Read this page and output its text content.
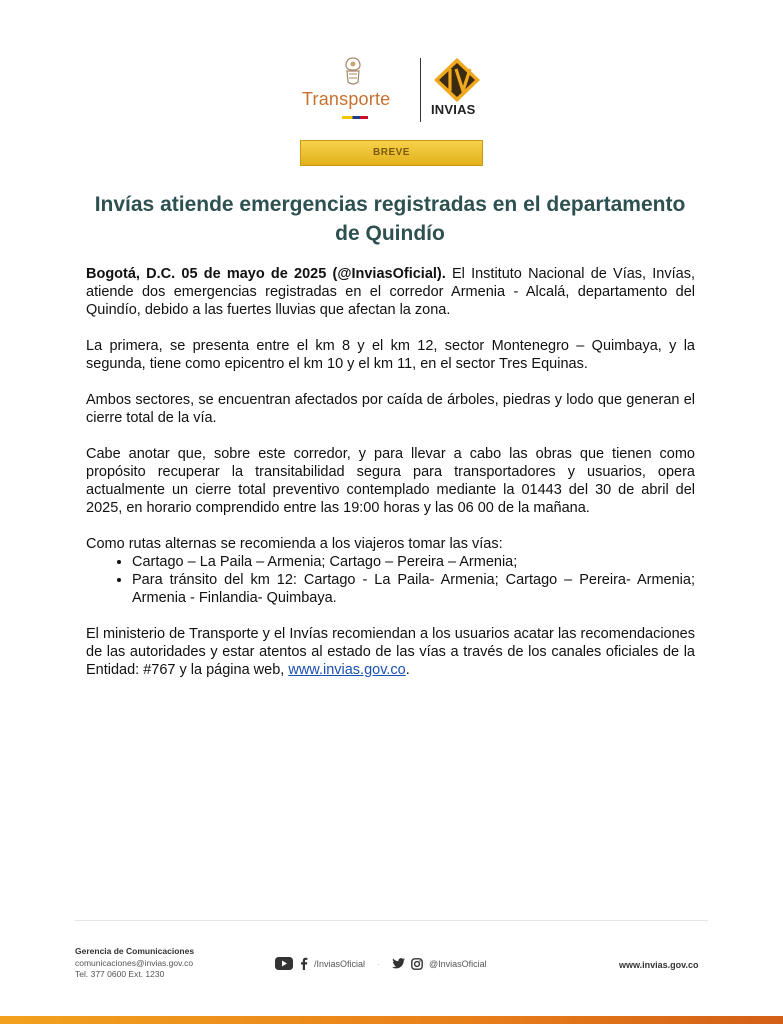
Transporte
INVIAS
BREVE
Invías atiende emergencias registradas en el departamento de Quindío

Bogotá, D.C. 05 de mayo de 2025 (@InviasOficial). El Instituto Nacional de Vías, Invías, atiende dos emergencias registradas en el corredor Armenia - Alcalá, departamento del Quindío, debido a las fuertes lluvias que afectan la zona.

La primera, se presenta entre el km 8 y el km 12, sector Montenegro – Quimbaya, y la segunda, tiene como epicentro el km 10 y el km 11, en el sector Tres Equinas.

Ambos sectores, se encuentran afectados por caída de árboles, piedras y lodo que generan el cierre total de la vía.

Cabe anotar que, sobre este corredor, y para llevar a cabo las obras que tienen como propósito recuperar la transitabilidad segura para transportadores y usuarios, opera actualmente un cierre total preventivo contemplado mediante la 01443 del 30 de abril del 2025, en horario comprendido entre las 19:00 horas y las 06 00 de la mañana.

Como rutas alternas se recomienda a los viajeros tomar las vías:

• Cartago – La Paila – Armenia; Cartago – Pereira – Armenia;
• Para tránsito del km 12: Cartago - La Paila- Armenia; Cartago – Pereira- Armenia; Armenia - Finlandia- Quimbaya.

El ministerio de Transporte y el Invías recomiendan a los usuarios acatar las recomendaciones de las autoridades y estar atentos al estado de las vías a través de los canales oficiales de la Entidad: #767 y la página web, www.invias.gov.co.

Gerencia de Comunicaciones
comunicaciones@invias.gov.co
Tel. 377 0600 Ext. 1230
/InviasOficial ·	@InviasOficial	www.invias.gov.co
